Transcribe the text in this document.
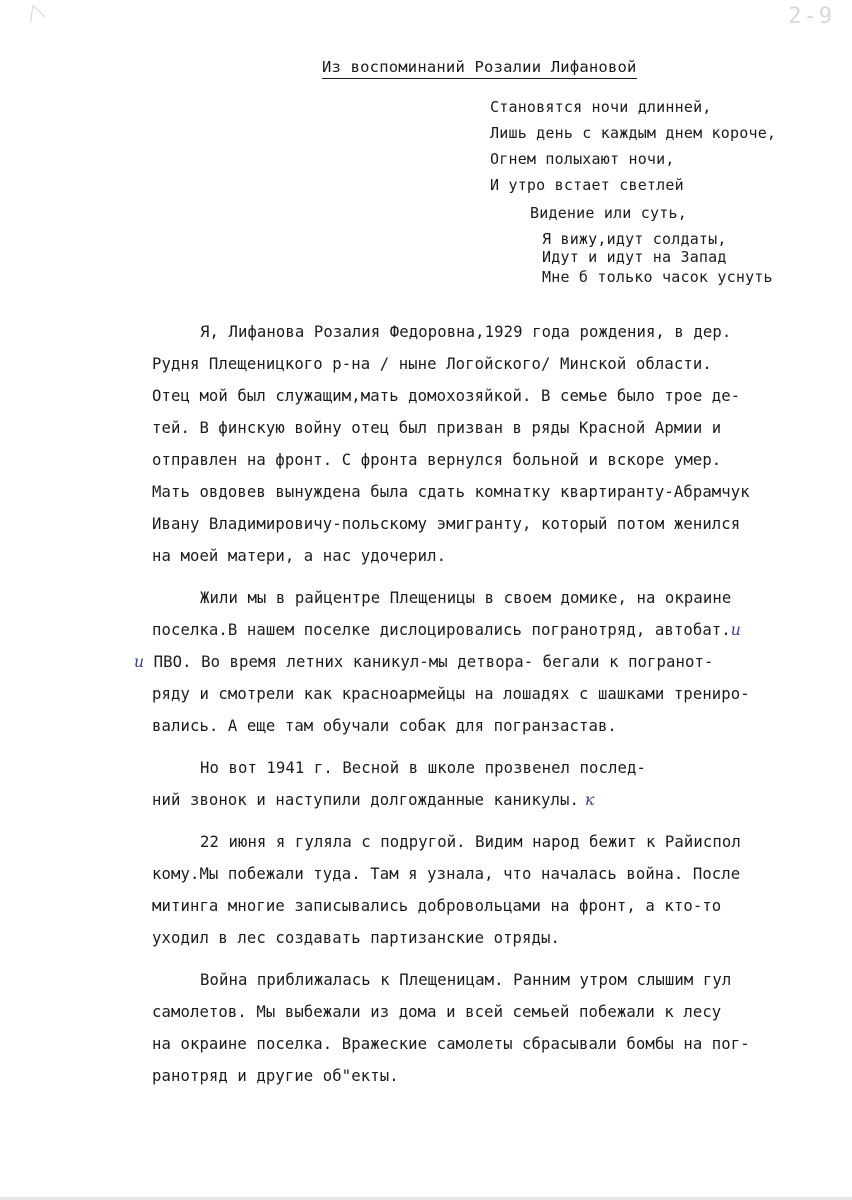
╱╲	2-9
Из воспоминаний Розалии Лифановой
Становятся ночи длинней,
Лишь день с каждым днем короче,
Огнем полыхают ночи,
И утро встает светлей
Видение или суть,
Я вижу,идут солдаты,
Идут и идут на Запад
Мне б только часок уснуть
Я, Лифанова Розалия Федоровна,1929 года рождения, в дер.
Рудня Плещеницкого р-на / ныне Логойского/ Минской области.
Отец мой был служащим,мать домохозяйкой. В семье было трое де-
тей. В финскую войну отец был призван в ряды Красной Армии и
отправлен на фронт. С фронта вернулся больной и вскоре умер.
Мать овдовев вынуждена была сдать комнатку квартиранту-Абрамчук
Ивану Владимировичу-польскому эмигранту, который потом женился
на моей матери, а нас удочерил.
Жили мы в райцентре Плещеницы в своем домике, на окраине
поселка.В нашем поселке дислоцировались погранотряд, автобат.и
и ПВО. Во время летних каникул-мы детвора- бегали к погранот-
ряду и смотрели как красноармейцы на лошадях с шашками трениро-
вались. А еще там обучали собак для погранзастав.
Но вот 1941 г. Весной в школе прозвенел послед-
ний звонок и наступили долгожданные каникулы. к
22 июня я гуляла с подругой. Видим народ бежит к Райиспол
кому.Мы побежали туда. Там я узнала, что началась война. После
митинга многие записывались добровольцами на фронт, а кто-то
уходил в лес создавать партизанские отряды.
Война приближалась к Плещеницам. Ранним утром слышим гул
самолетов. Мы выбежали из дома и всей семьей побежали к лесу
на окраине поселка. Вражеские самолеты сбрасывали бомбы на пог-
ранотряд и другие об"екты.
